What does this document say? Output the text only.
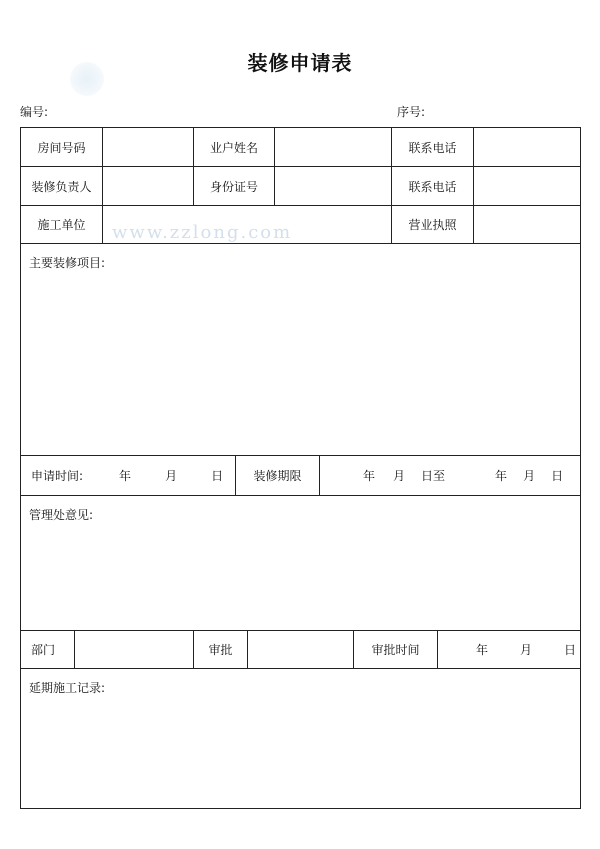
装修申请表
编号:	序号:
房间号码	业户姓名	联系电话
装修负责人	身份证号	联系电话
施工单位	营业执照
主要装修项目:
申请时间:	年	月	日	装修期限	年 月 日至	年 月 日
管理处意见:
部门	审批	审批时间	年	月	日
延期施工记录:
www.zzlong.com
